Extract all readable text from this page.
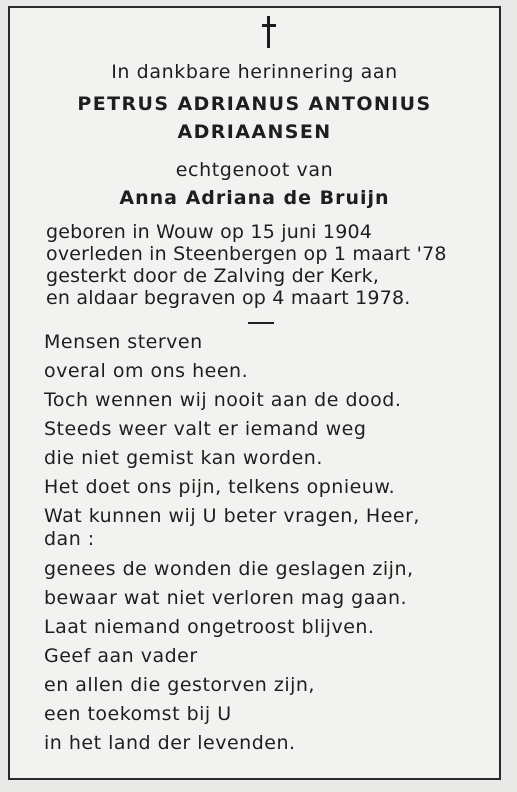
In dankbare herinnering aan
PETRUS ADRIANUS ANTONIUS
ADRIAANSEN
echtgenoot van
Anna Adriana de Bruijn
geboren in Wouw op 15 juni 1904
overleden in Steenbergen op 1 maart '78
gesterkt door de Zalving der Kerk,
en aldaar begraven op 4 maart 1978.
Mensen sterven
overal om ons heen.
Toch wennen wij nooit aan de dood.
Steeds weer valt er iemand weg
die niet gemist kan worden.
Het doet ons pijn, telkens opnieuw.
Wat kunnen wij U beter vragen, Heer,
dan :
genees de wonden die geslagen zijn,
bewaar wat niet verloren mag gaan.
Laat niemand ongetroost blijven.
Geef aan vader
en allen die gestorven zijn,
een toekomst bij U
in het land der levenden.
